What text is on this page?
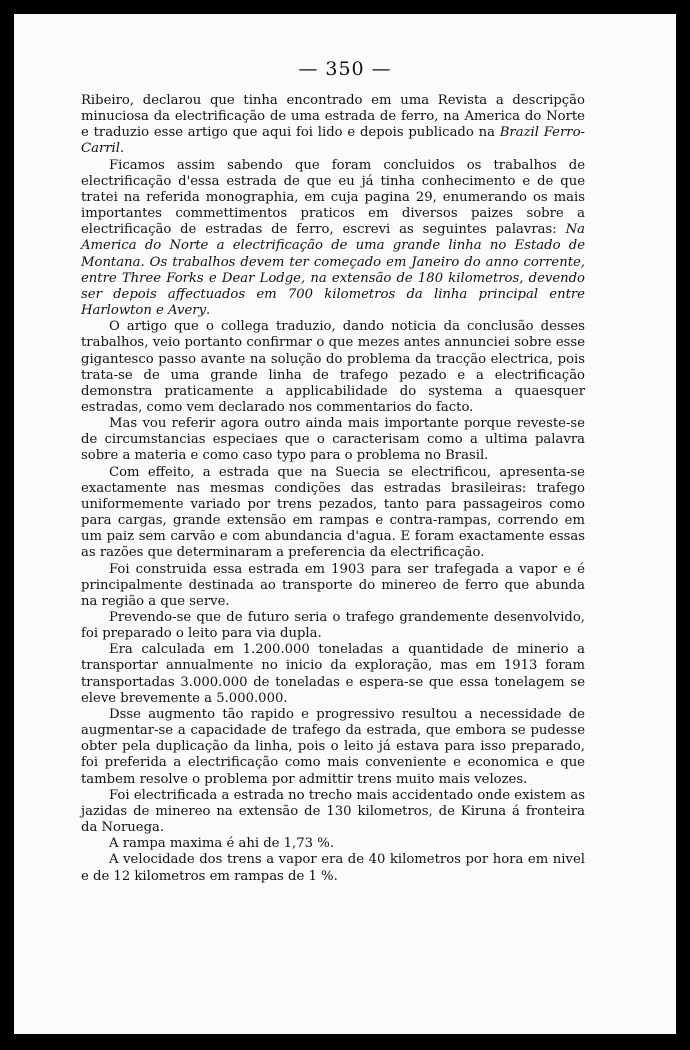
— 350 —

Ribeiro, declarou que tinha encontrado em uma Revista a descripção minuciosa da electrificação de uma estrada de ferro, na America do Norte e traduzio esse artigo que aqui foi lido e depois publicado na Brazil Ferro-Carril.

Ficamos assim sabendo que foram concluidos os trabalhos de electrificação d'essa estrada de que eu já tinha conhecimento e de que tratei na referida monographia, em cuja pagina 29, enumerando os mais importantes commettimentos praticos em diversos paizes sobre a electrificação de estradas de ferro, escrevi as seguintes palavras: Na America do Norte a electrificação de uma grande linha no Estado de Montana. Os trabalhos devem ter começado em Janeiro do anno corrente, entre Three Forks e Dear Lodge, na extensão de 180 kilometros, devendo ser depois affectuados em 700 kilometros da linha principal entre Harlowton e Avery.

O artigo que o collega traduzio, dando noticia da conclusão desses trabalhos, veio portanto confirmar o que mezes antes annunciei sobre esse gigantesco passo avante na solução do problema da tracção electrica, pois trata-se de uma grande linha de trafego pezado e a electrificação demonstra praticamente a applicabilidade do systema a quaesquer estradas, como vem declarado nos commentarios do facto.

Mas vou referir agora outro ainda mais importante porque reveste-se de circumstancias especiaes que o caracterisam como a ultima palavra sobre a materia e como caso typo para o problema no Brasil.

Com effeito, a estrada que na Suecia se electrificou, apresenta-se exactamente nas mesmas condições das estradas brasileiras: trafego uniformemente variado por trens pezados, tanto para passageiros como para cargas, grande extensão em rampas e contra-rampas, correndo em um paiz sem carvão e com abundancia d'agua. E foram exactamente essas as razões que determinaram a preferencia da electrificação.

Foi construida essa estrada em 1903 para ser trafegada a vapor e é principalmente destinada ao transporte do minereo de ferro que abunda na região a que serve.

Prevendo-se que de futuro seria o trafego grandemente desenvolvido, foi preparado o leito para via dupla.

Era calculada em 1.200.000 toneladas a quantidade de minerio a transportar annualmente no inicio da exploração, mas em 1913 foram transportadas 3.000.000 de toneladas e espera-se que essa tonelagem se eleve brevemente a 5.000.000.

Dsse augmento tão rapido e progressivo resultou a necessidade de augmentar-se a capacidade de trafego da estrada, que embora se pudesse obter pela duplicação da linha, pois o leito já estava para isso preparado, foi preferida a electrificação como mais conveniente e economica e que tambem resolve o problema por admittir trens muito mais velozes.

Foi electrificada a estrada no trecho mais accidentado onde existem as jazidas de minereo na extensão de 130 kilometros, de Kiruna á fronteira da Noruega.

A rampa maxima é ahi de 1,73 %.

A velocidade dos trens a vapor era de 40 kilometros por hora em nivel e de 12 kilometros em rampas de 1 %.
